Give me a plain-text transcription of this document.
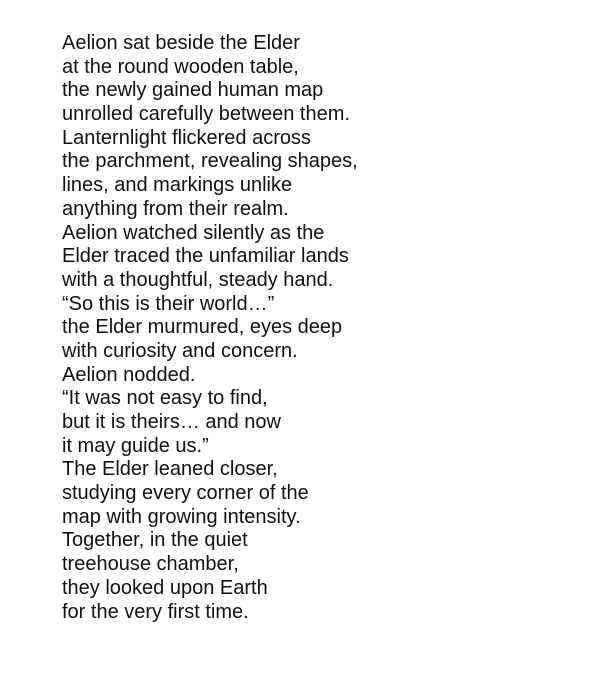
Aelion sat beside the Elder
at the round wooden table,
the newly gained human map
unrolled carefully between them.
Lanternlight flickered across
the parchment, revealing shapes,
lines, and markings unlike
anything from their realm.
Aelion watched silently as the
Elder traced the unfamiliar lands
with a thoughtful, steady hand.
“So this is their world…”
the Elder murmured, eyes deep
with curiosity and concern.
Aelion nodded.
“It was not easy to find,
but it is theirs… and now
it may guide us.”
The Elder leaned closer,
studying every corner of the
map with growing intensity.
Together, in the quiet
treehouse chamber,
they looked upon Earth
for the very first time.
